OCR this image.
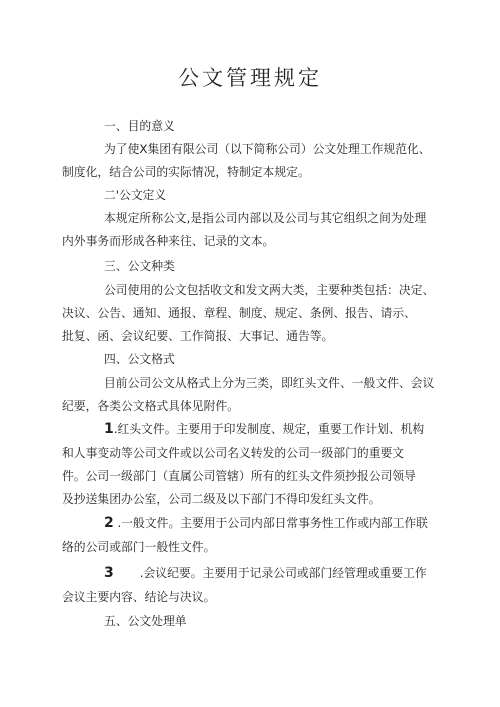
公文管理规定
一、目的意义
为了使X集团有限公司（以下简称公司）公文处理工作规范化、
制度化，结合公司的实际情况，特制定本规定。
二'公文定义
本规定所称公文,是指公司内部以及公司与其它组织之间为处理
内外事务而形成各种来往、记录的文本。
三、公文种类
公司使用的公文包括收文和发文两大类，主要种类包括：决定、
决议、公告、通知、通报、章程、制度、规定、条例、报告、请示、
批复、函、会议纪要、工作简报、大事记、通告等。
四、公文格式
目前公司公文从格式上分为三类，即红头文件、一般文件、会议
纪要，各类公文格式具体见附件。
1.红头文件。主要用于印发制度、规定，重要工作计划、机构
和人事变动等公司文件或以公司名义转发的公司一级部门的重要文
件。公司一级部门（直属公司管辖）所有的红头文件须抄报公司领导
及抄送集团办公室，公司二级及以下部门不得印发红头文件。
2 .一般文件。主要用于公司内部日常事务性工作或内部工作联
络的公司或部门一般性文件。
3 .会议纪要。主要用于记录公司或部门经管理或重要工作
会议主要内容、结论与决议。
五、公文处理单
